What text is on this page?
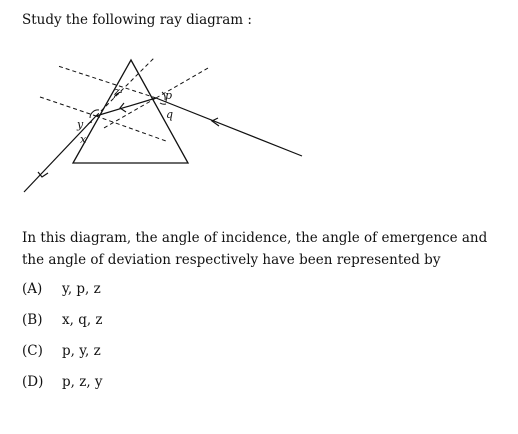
Study the following ray diagram :
y
x
z	p
q
In this diagram, the angle of incidence, the angle of emergence and the angle of deviation respectively have been represented by
(A) y, p, z
(B) x, q, z
(C) p, y, z
(D) p, z, y
